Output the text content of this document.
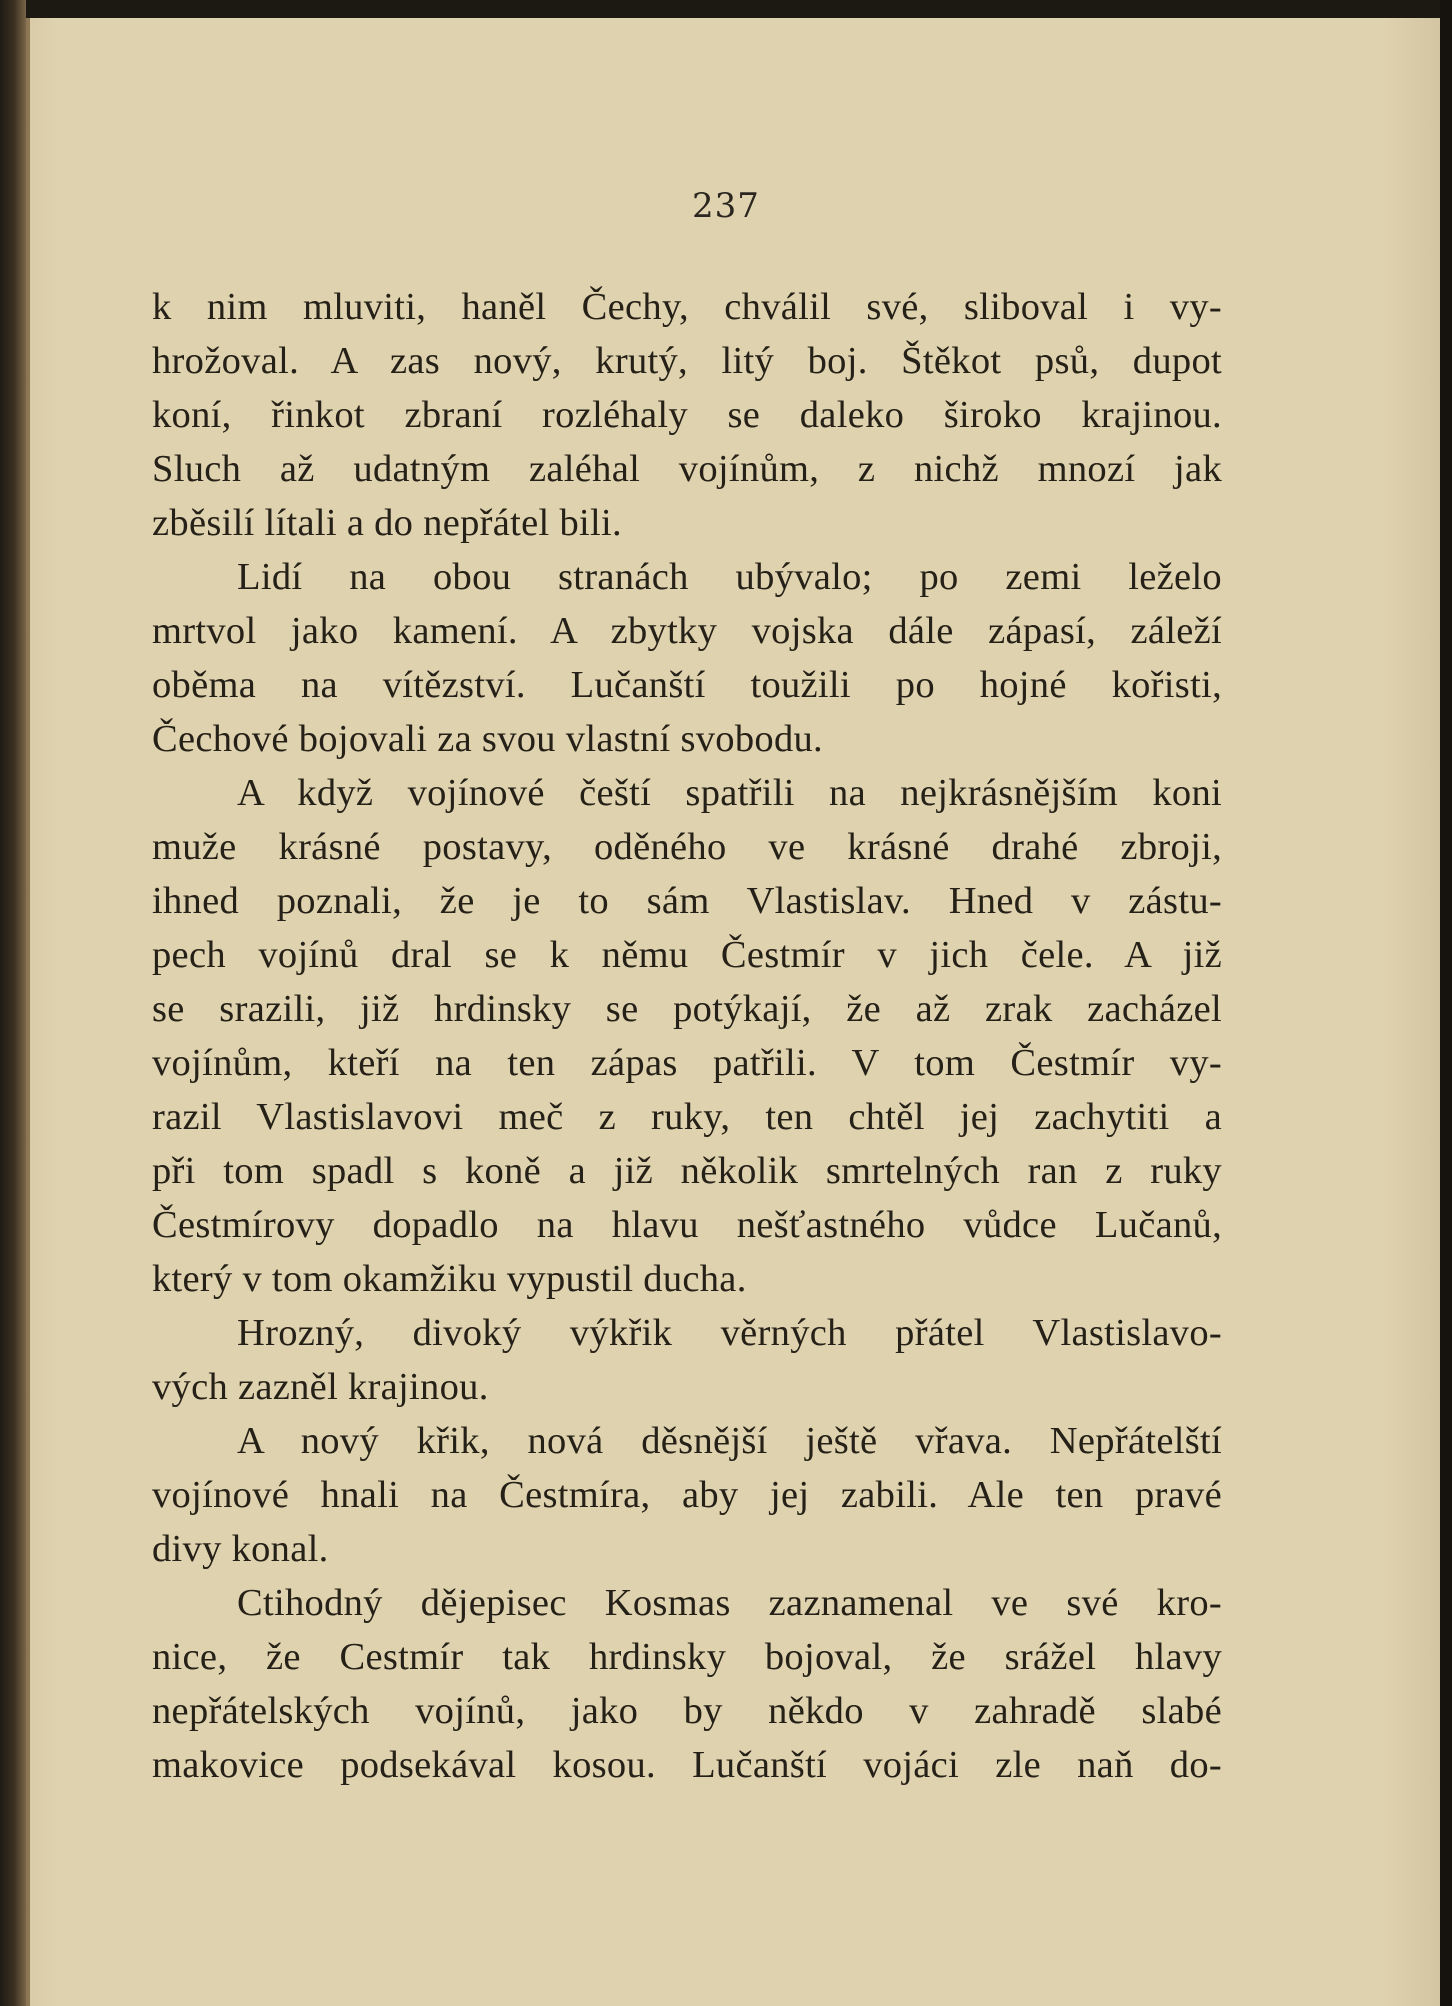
237
k nim mluviti, haněl Čechy, chválil své, sliboval i vy-
hrožoval. A zas nový, krutý, litý boj. Štěkot psů, dupot
koní, řinkot zbraní rozléhaly se daleko široko krajinou.
Sluch až udatným zaléhal vojínům, z nichž mnozí jak
zběsilí lítali a do nepřátel bili.
Lidí na obou stranách ubývalo; po zemi leželo
mrtvol jako kamení. A zbytky vojska dále zápasí, záleží
oběma na vítězství. Lučanští toužili po hojné kořisti,
Čechové bojovali za svou vlastní svobodu.
A když vojínové čeští spatřili na nejkrásnějším koni
muže krásné postavy, oděného ve krásné drahé zbroji,
ihned poznali, že je to sám Vlastislav. Hned v zástu-
pech vojínů dral se k němu Čestmír v jich čele. A již
se srazili, již hrdinsky se potýkají, že až zrak zacházel
vojínům, kteří na ten zápas patřili. V tom Čestmír vy-
razil Vlastislavovi meč z ruky, ten chtěl jej zachytiti a
při tom spadl s koně a již několik smrtelných ran z ruky
Čestmírovy dopadlo na hlavu nešťastného vůdce Lučanů,
který v tom okamžiku vypustil ducha.
Hrozný, divoký výkřik věrných přátel Vlastislavo-
vých zazněl krajinou.
A nový křik, nová děsnější ještě vřava. Nepřátelští
vojínové hnali na Čestmíra, aby jej zabili. Ale ten pravé
divy konal.
Ctihodný dějepisec Kosmas zaznamenal ve své kro-
nice, že Cestmír tak hrdinsky bojoval, že srážel hlavy
nepřátelských vojínů, jako by někdo v zahradě slabé
makovice podsekával kosou. Lučanští vojáci zle naň do-
